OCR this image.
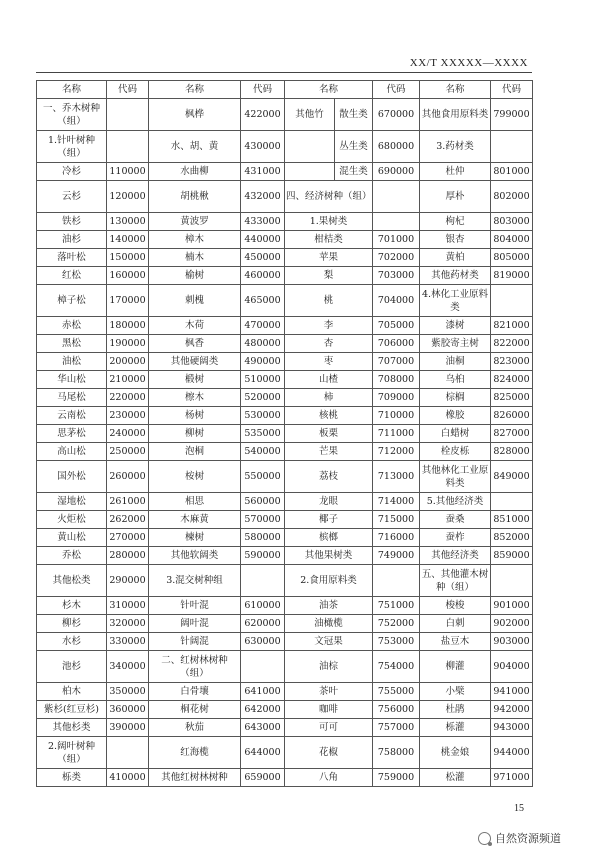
XX/T XXXXX—XXXX
名称	代码	名称	代码	名称		代码	名称	代码
一、乔木树种（组）		枫桦	422000	其他竹	散生类	670000	其他食用原料类	799000
1.针叶树种（组）		水、胡、黄	430000		丛生类	680000	3.药材类	
冷杉	110000	水曲柳	431000		混生类	690000	杜仲	801000
云杉	120000	胡桃楸	432000	四、经济树种（组）			厚朴	802000
铁杉	130000	黄波罗	433000	1.果树类			枸杞	803000
油杉	140000	樟木	440000	柑桔类		701000	银杏	804000
落叶松	150000	楠木	450000	苹果		702000	黄柏	805000
红松	160000	榆树	460000	梨		703000	其他药材类	819000
樟子松	170000	刺槐	465000	桃		704000	4.林化工业原料类	
赤松	180000	木荷	470000	李		705000	漆树	821000
黑松	190000	枫香	480000	杏		706000	紫胶寄主树	822000
油松	200000	其他硬阔类	490000	枣		707000	油桐	823000
华山松	210000	椴树	510000	山楂		708000	乌桕	824000
马尾松	220000	檫木	520000	柿		709000	棕榈	825000
云南松	230000	杨树	530000	核桃		710000	橡胶	826000
思茅松	240000	柳树	535000	板栗		711000	白蜡树	827000
高山松	250000	泡桐	540000	芒果		712000	栓皮栎	828000
国外松	260000	桉树	550000	荔枝		713000	其他林化工业原料类	849000
湿地松	261000	相思	560000	龙眼		714000	5.其他经济类	
火炬松	262000	木麻黄	570000	椰子		715000	蚕桑	851000
黄山松	270000	楝树	580000	槟榔		716000	蚕柞	852000
乔松	280000	其他软阔类	590000	其他果树类		749000	其他经济类	859000
其他松类	290000	3.混交树种组		2.食用原料类			五、其他灌木树种（组）	
杉木	310000	针叶混	610000	油茶		751000	梭梭	901000
柳杉	320000	阔叶混	620000	油橄榄		752000	白刺	902000
水杉	330000	针阔混	630000	文冠果		753000	盐豆木	903000
池杉	340000	二、红树林树种（组）		油棕		754000	柳灌	904000
柏木	350000	白骨壤	641000	茶叶		755000	小檗	941000
紫杉(红豆杉)	360000	桐花树	642000	咖啡		756000	杜鹃	942000
其他杉类	390000	秋茄	643000	可可		757000	栎灌	943000
2.阔叶树种（组）		红海榄	644000	花椒		758000	桃金娘	944000
栎类	410000	其他红树林树种	659000	八角		759000	松灌	971000
15
自然资源频道
